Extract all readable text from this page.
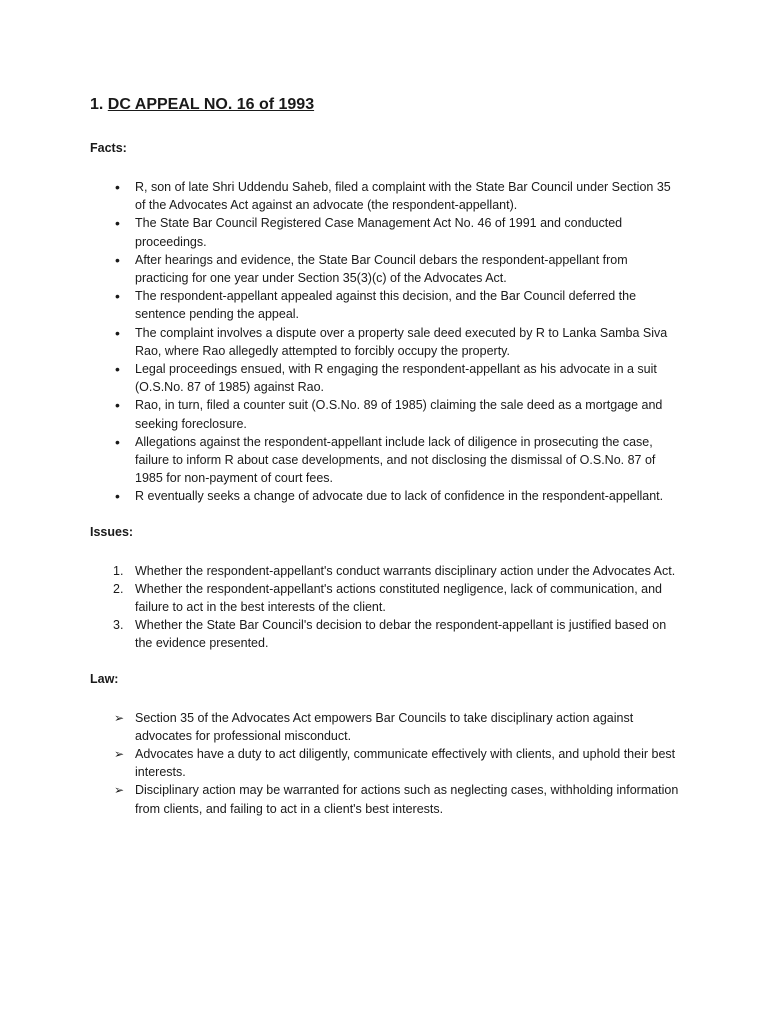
1. DC APPEAL NO. 16 of 1993
Facts:
•	R, son of late Shri Uddendu Saheb, filed a complaint with the State Bar Council under Section 35 of the Advocates Act against an advocate (the respondent-appellant).
•	The State Bar Council Registered Case Management Act No. 46 of 1991 and conducted proceedings.
•	After hearings and evidence, the State Bar Council debars the respondent-appellant from practicing for one year under Section 35(3)(c) of the Advocates Act.
•	The respondent-appellant appealed against this decision, and the Bar Council deferred the sentence pending the appeal.
•	The complaint involves a dispute over a property sale deed executed by R to Lanka Samba Siva Rao, where Rao allegedly attempted to forcibly occupy the property.
•	Legal proceedings ensued, with R engaging the respondent-appellant as his advocate in a suit (O.S.No. 87 of 1985) against Rao.
•	Rao, in turn, filed a counter suit (O.S.No. 89 of 1985) claiming the sale deed as a mortgage and seeking foreclosure.
•	Allegations against the respondent-appellant include lack of diligence in prosecuting the case, failure to inform R about case developments, and not disclosing the dismissal of O.S.No. 87 of 1985 for non-payment of court fees.
•	R eventually seeks a change of advocate due to lack of confidence in the respondent-appellant.
Issues:
1. Whether the respondent-appellant's conduct warrants disciplinary action under the Advocates Act.
2. Whether the respondent-appellant's actions constituted negligence, lack of communication, and failure to act in the best interests of the client.
3. Whether the State Bar Council's decision to debar the respondent-appellant is justified based on the evidence presented.
Law:
➢ Section 35 of the Advocates Act empowers Bar Councils to take disciplinary action against advocates for professional misconduct.
➢ Advocates have a duty to act diligently, communicate effectively with clients, and uphold their best interests.
➢ Disciplinary action may be warranted for actions such as neglecting cases, withholding information from clients, and failing to act in a client's best interests.
